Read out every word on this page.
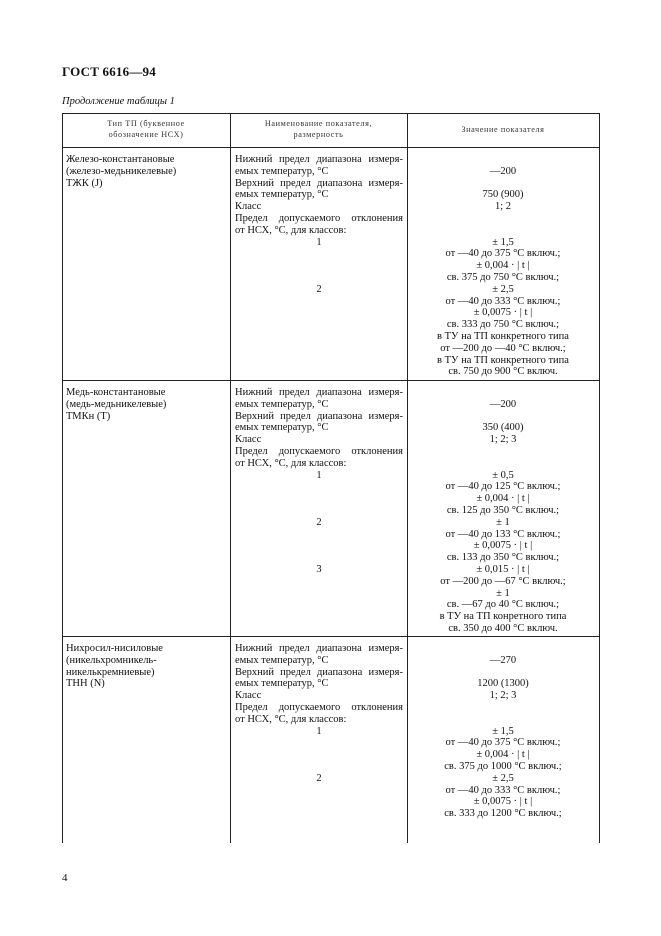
ГОСТ 6616—94
Продолжение таблицы 1
Тип ТП (буквенное
обозначение НСХ)
Наименование показателя,
размерность
Значение показателя
Железо-константановые
(железо-медьникелевые)
ТЖК (J)
Нижний предел диапазона измеря-
емых температур, °С
Верхний предел диапазона измеря-
емых температур, °С
Класс
Предел допускаемого отклонения
от НСХ, °С, для классов:
1
2
—200
750 (900)
1; 2
± 1,5
от —40 до 375 °С включ.;
± 0,004 · | t |
св. 375 до 750 °С включ.;
± 2,5
от —40 до 333 °С включ.;
± 0,0075 · | t |
св. 333 до 750 °С включ.;
в ТУ на ТП конкретного типа
от —200 до —40 °С включ.;
в ТУ на ТП конкретного типа
св. 750 до 900 °С включ.
Медь-константановые
(медь-медьникелевые)
ТМКн (Т)
Нижний предел диапазона измеря-
емых температур, °С
Верхний предел диапазона измеря-
емых температур, °С
Класс
Предел допускаемого отклонения
от НСХ, °С, для классов:
1
2
3
—200
350 (400)
1; 2; 3
± 0,5
от —40 до 125 °С включ.;
± 0,004 · | t |
св. 125 до 350 °С включ.;
± 1
от —40 до 133 °С включ.;
± 0,0075 · | t |
св. 133 до 350 °С включ.;
± 0,015 · | t |
от —200 до —67 °С включ.;
± 1
св. —67 до 40 °С включ.;
в ТУ на ТП конретного типа
св. 350 до 400 °С включ.
Нихросил-нисиловые
(никельхромникель-
никелькремниевые)
ТНН (N)
Нижний предел диапазона измеря-
емых температур, °С
Верхний предел диапазона измеря-
емых температур, °С
Класс
Предел допускаемого отклонения
от НСХ, °С, для классов:
1
2
—270
1200 (1300)
1; 2; 3
± 1,5
от —40 до 375 °С включ.;
± 0,004 · | t |
св. 375 до 1000 °С включ.;
± 2,5
от —40 до 333 °С включ.;
± 0,0075 · | t |
св. 333 до 1200 °С включ.;
4
